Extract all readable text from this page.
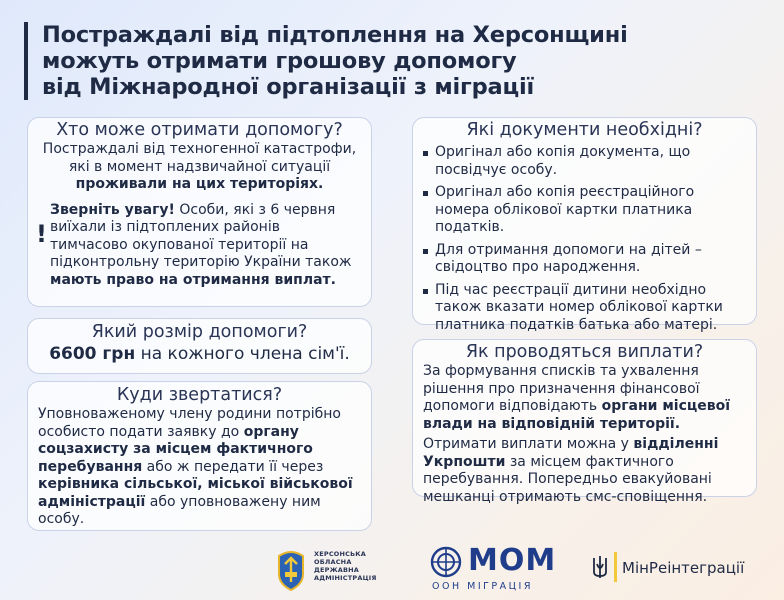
Постраждалі від підтоплення на Херсонщині
можуть отримати грошову допомогу
від Міжнародної організації з міграції
Хто може отримати допомогу?

Постраждалі від техногенної катастрофи, які в момент надзвичайної ситуації проживали на цих територіях.

!

Зверніть увагу! Особи, які з 6 червня виїхали із підтоплених районів тимчасово окупованої території на підконтрольну територію України також мають право на отримання виплат.

Який розмір допомоги?

6600 грн на кожного члена сім'ї.

Куди звертатися?

Уповноваженому члену родини потрібно особисто подати заявку до органу соцзахисту за місцем фактичного перебування або ж передати її через керівника сільської, міської військової адміністрації або уповноважену ним особу.

Які документи необхідні?
Оригінал або копія документа, що посвідчує особу.
Оригінал або копія реєстраційного номера облікової картки платника податків.
Для отримання допомоги на дітей – свідоцтво про народження.
Під час реєстрації дитини необхідно також вказати номер облікової картки платника податків батька або матері.
Як проводяться виплати?

За формування списків та ухвалення рішення про призначення фінансової допомоги відповідають органи місцевої влади на відповідній території.

Отримати виплати можна у відділенні Укрпошти за місцем фактичного перебування. Попередньо евакуйовані мешканці отримають смс-сповіщення.

ХЕРСОНСЬКА
ОБЛАСНА
ДЕРЖАВНА
АДМІНІСТРАЦІЯ	МОМ
ООН МІГРАЦІЯ
МінРеінтеграції
